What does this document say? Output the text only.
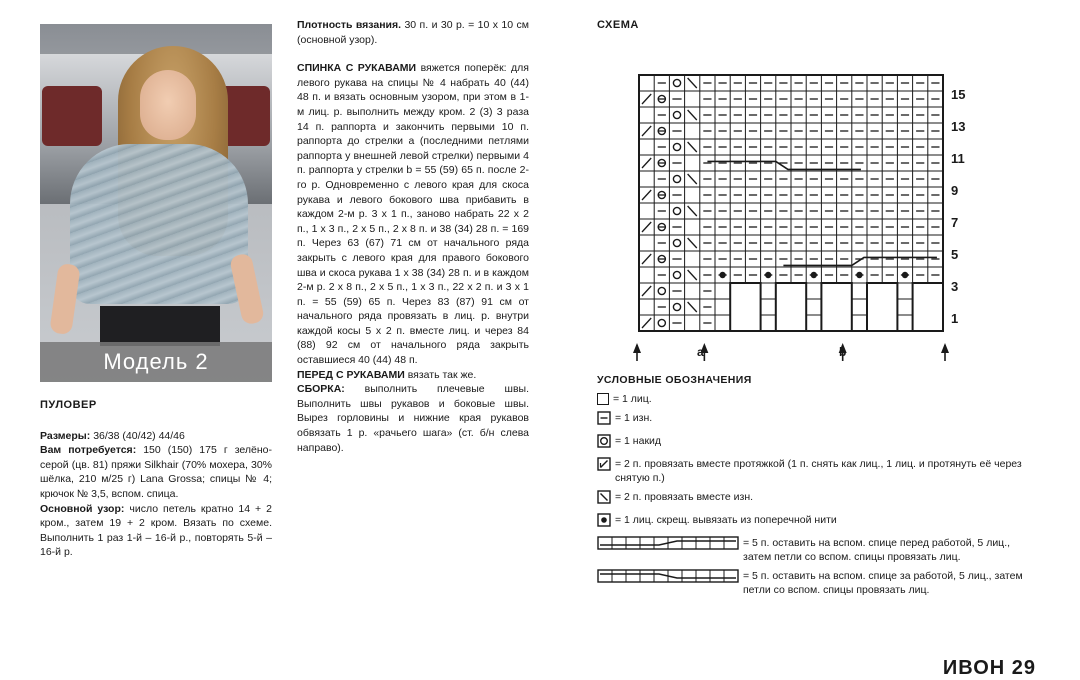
Модель 2
ПУЛОВЕР

Размеры: 36/38 (40/42) 44/46

Вам потребуется: 150 (150) 175 г зелёно-серой (цв. 81) пряжи Silkhair (70% мохера, 30% шёлка, 210 м/25 г) Lana Grossa; спицы № 4; крючок № 3,5, вспом. спица.

Основной узор: число петель кратно 14 + 2 кром., затем 19 + 2 кром. Вязать по схеме. Выполнить 1 раз 1-й – 16-й р., повторять 5-й – 16-й р.

Плотность вязания. 30 п. и 30 р. = 10 x 10 см (основной узор).

СПИНКА С РУКАВАМИ вяжется поперёк: для левого рукава на спицы № 4 набрать 40 (44) 48 п. и вязать основным узором, при этом в 1-м лиц. р. выполнить между кром. 2 (3) 3 раза 14 п. раппорта и закончить первыми 10 п. раппорта до стрелки а (последними петлями раппорта у внешней левой стрелки) первыми 4 п. раппорта у стрелки b = 55 (59) 65 п. после 2-го р. Одновременно с левого края для скоса рукава и левого бокового шва прибавить в каждом 2-м р. 3 x 1 п., заново набрать 22 x 2 п., 1 x 3 п., 2 x 5 п., 2 x 8 п. и 38 (34) 28 п. = 169 п. Через 63 (67) 71 см от начального ряда закрыть с левого края для правого бокового шва и скоса рукава 1 x 38 (34) 28 п. и в каждом 2-м р. 2 x 8 п., 2 x 5 п., 1 x 3 п., 22 x 2 п. и 3 x 1 п. = 55 (59) 65 п. Через 83 (87) 91 см от начального ряда провязать в лиц. р. внутри каждой косы 5 x 2 п. вместе лиц. и через 84 (88) 92 см от начального ряда закрыть оставшиеся 40 (44) 48 п.

ПЕРЕД С РУКАВАМИ вязать так же.

СБОРКА: выполнить плечевые швы. Выполнить швы рукавов и боковые швы. Вырез горловины и нижние края рукавов обвязать 1 р. «рачьего шага» (ст. б/н слева направо).

СХЕМА
15
13
11
9
7
5
3
1
a	b
УСЛОВНЫЕ ОБОЗНАЧЕНИЯ
= 1 лиц.
= 1 изн.
= 1 накид
= 2 п. провязать вместе протяжкой (1 п. снять как лиц., 1 лиц. и протянуть её через снятую п.)
= 2 п. провязать вместе изн.
= 1 лиц. скрещ. вывязать из поперечной нити
= 5 п. оставить на вспом. спице перед работой, 5 лиц., затем петли со вспом. спицы провязать лиц.
= 5 п. оставить на вспом. спице за работой, 5 лиц., затем петли со вспом. спицы провязать лиц.
ИВОН 29
